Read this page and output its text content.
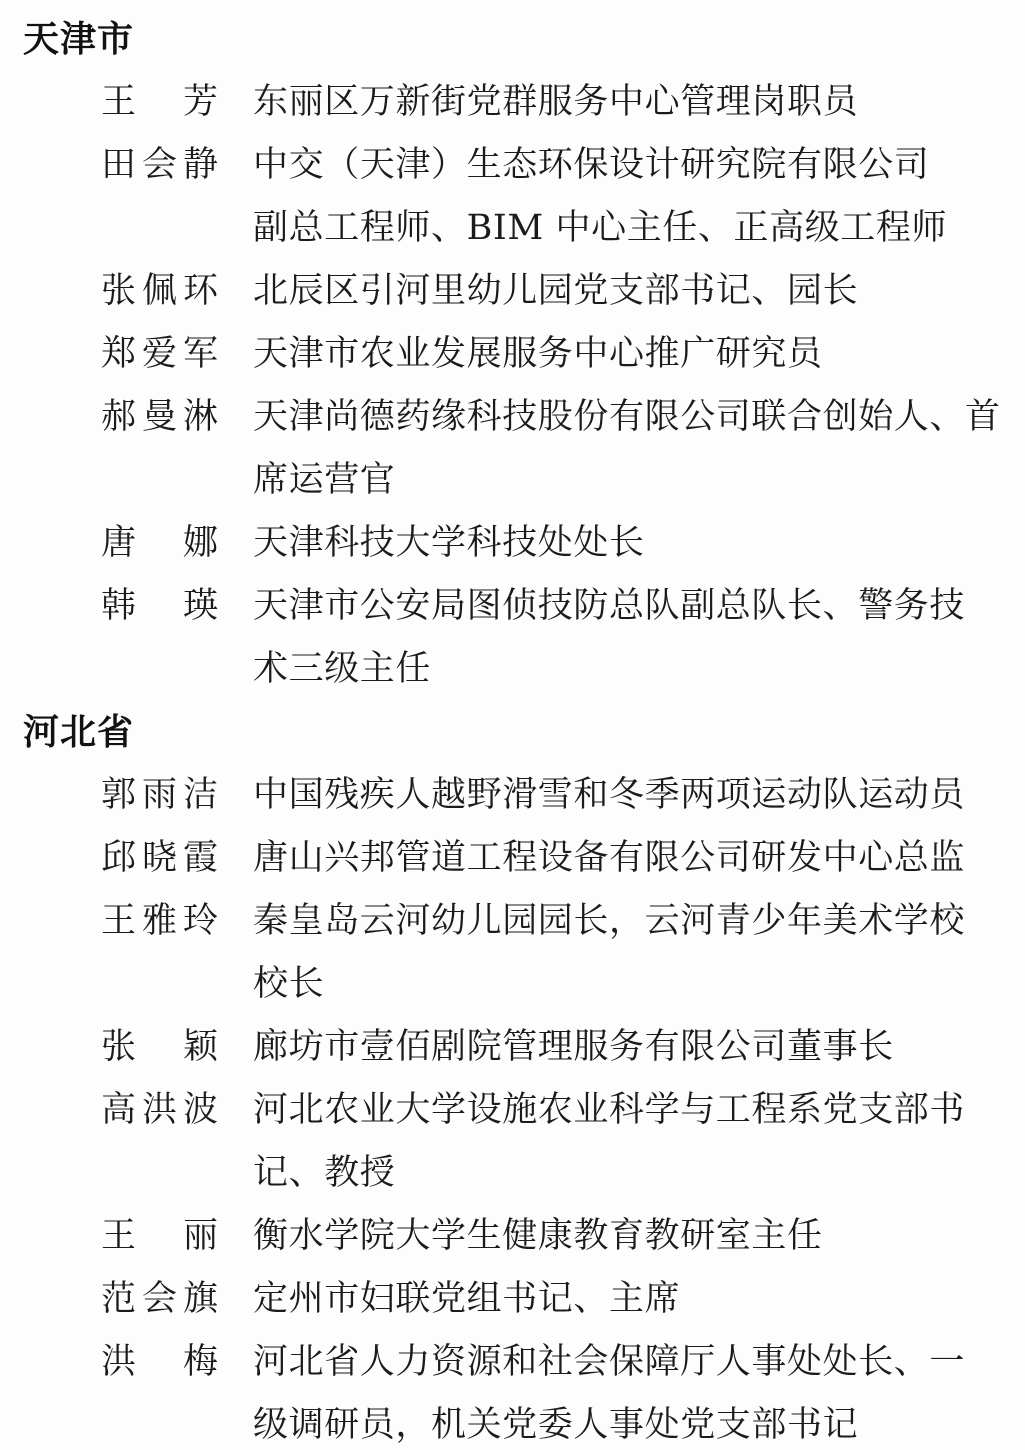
天津市
王　芳 东丽区万新街党群服务中心管理岗职员
田会静 中交（天津）生态环保设计研究院有限公司
副总工程师、BIM 中心主任、正高级工程师
张佩环 北辰区引河里幼儿园党支部书记、园长
郑爱军 天津市农业发展服务中心推广研究员
郝曼淋 天津尚德药缘科技股份有限公司联合创始人、首
席运营官
唐　娜 天津科技大学科技处处长
韩　瑛 天津市公安局图侦技防总队副总队长、警务技
术三级主任
河北省
郭雨洁 中国残疾人越野滑雪和冬季两项运动队运动员
邱晓霞 唐山兴邦管道工程设备有限公司研发中心总监
王雅玲 秦皇岛云河幼儿园园长，云河青少年美术学校
校长
张　颖 廊坊市壹佰剧院管理服务有限公司董事长
高洪波 河北农业大学设施农业科学与工程系党支部书
记、教授
王　丽 衡水学院大学生健康教育教研室主任
范会旗 定州市妇联党组书记、主席
洪　梅 河北省人力资源和社会保障厅人事处处长、一
级调研员，机关党委人事处党支部书记
